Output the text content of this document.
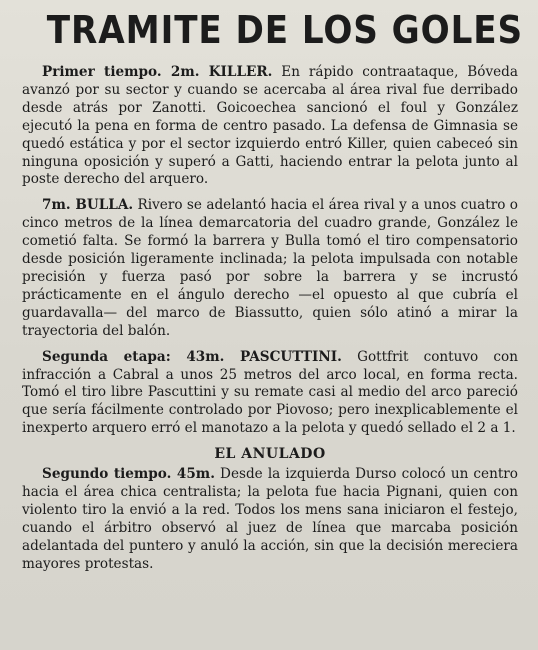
TRAMITE DE LOS GOLES

Primer tiempo. 2m. KILLER. En rápido contraataque, Bóveda avanzó por su sector y cuando se acercaba al área rival fue derribado desde atrás por Zanotti. Goicoechea sancionó el foul y González ejecutó la pena en forma de centro pasado. La defensa de Gimnasia se quedó estática y por el sector izquierdo entró Killer, quien cabeceó sin ninguna oposición y superó a Gatti, haciendo entrar la pelota junto al poste derecho del arquero.

7m. BULLA. Rivero se adelantó hacia el área rival y a unos cuatro o cinco metros de la línea demarcatoria del cuadro grande, González le cometió falta. Se formó la barrera y Bulla tomó el tiro compensatorio desde posición ligeramente inclinada; la pelota impulsada con notable precisión y fuerza pasó por sobre la barrera y se incrustó prácticamente en el ángulo derecho —el opuesto al que cubría el guardavalla— del marco de Biassutto, quien sólo atinó a mirar la trayectoria del balón.

Segunda etapa: 43m. PASCUTTINI. Gottfrit contuvo con infracción a Cabral a unos 25 metros del arco local, en forma recta. Tomó el tiro libre Pascuttini y su remate casi al medio del arco pareció que sería fácilmente controlado por Piovoso; pero inexplicablemente el inexperto arquero erró el manotazo a la pelota y quedó sellado el 2 a 1.

EL ANULADO

Segundo tiempo. 45m. Desde la izquierda Durso colocó un centro hacia el área chica centralista; la pelota fue hacia Pignani, quien con violento tiro la envió a la red. Todos los mens sana iniciaron el festejo, cuando el árbitro observó al juez de línea que marcaba posición adelantada del puntero y anuló la acción, sin que la decisión mereciera mayores protestas.
